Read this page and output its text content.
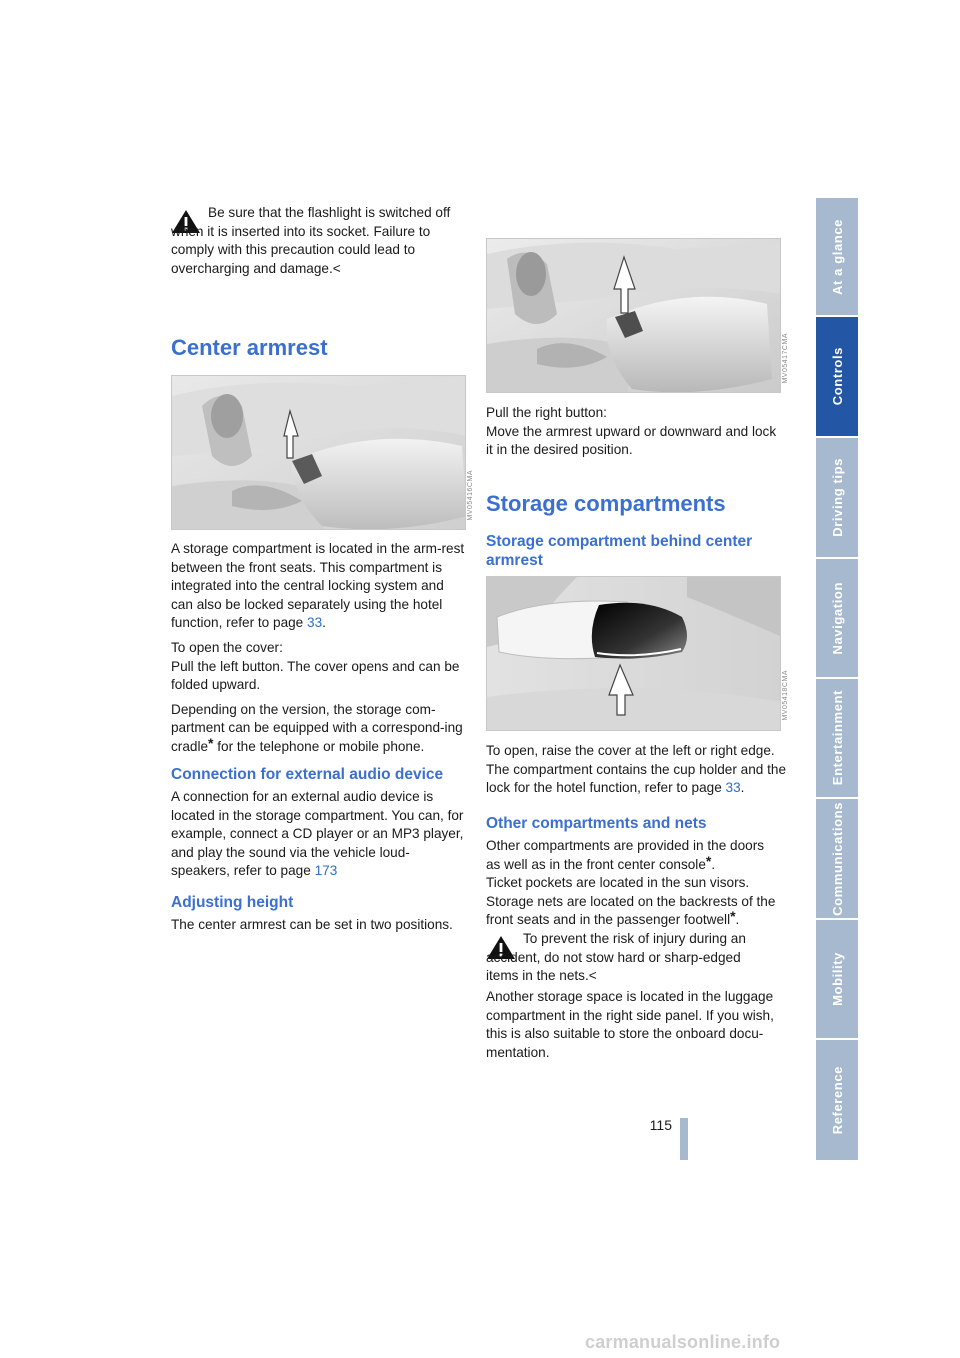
Be sure that the flashlight is switched off when it is inserted into its socket. Failure to comply with this precaution could lead to overcharging and damage.<
Center armrest
MV05416CMA

A storage compartment is located in the arm-rest between the front seats. This compartment is integrated into the central locking system and can also be locked separately using the hotel function, refer to page 33.

To open the cover:
Pull the left button. The cover opens and can be folded upward.

Depending on the version, the storage com-partment can be equipped with a correspond-ing cradle* for the telephone or mobile phone.

Connection for external audio device
A connection for an external audio device is located in the storage compartment. You can, for example, connect a CD player or an MP3 player, and play the sound via the vehicle loud-speakers, refer to page 173
Adjusting height
The center armrest can be set in two positions.
MV05417CMA
Pull the right button:
Move the armrest upward or downward and lock it in the desired position.
Storage compartments
Storage compartment behind center armrest
MV05418CMA
To open, raise the cover at the left or right edge. The compartment contains the cup holder and the lock for the hotel function, refer to page 33.
Other compartments and nets
Other compartments are provided in the doors as well as in the front center console*.
Ticket pockets are located in the sun visors. Storage nets are located on the backrests of the front seats and in the passenger footwell*.
To prevent the risk of injury during an accident, do not stow hard or sharp-edged items in the nets.<
Another storage space is located in the luggage compartment in the right side panel. If you wish, this is also suitable to store the onboard docu-mentation.
At a glance
Controls
Driving tips
Navigation
Entertainment
Communications
Mobility
Reference
115
carmanualsonline.info
